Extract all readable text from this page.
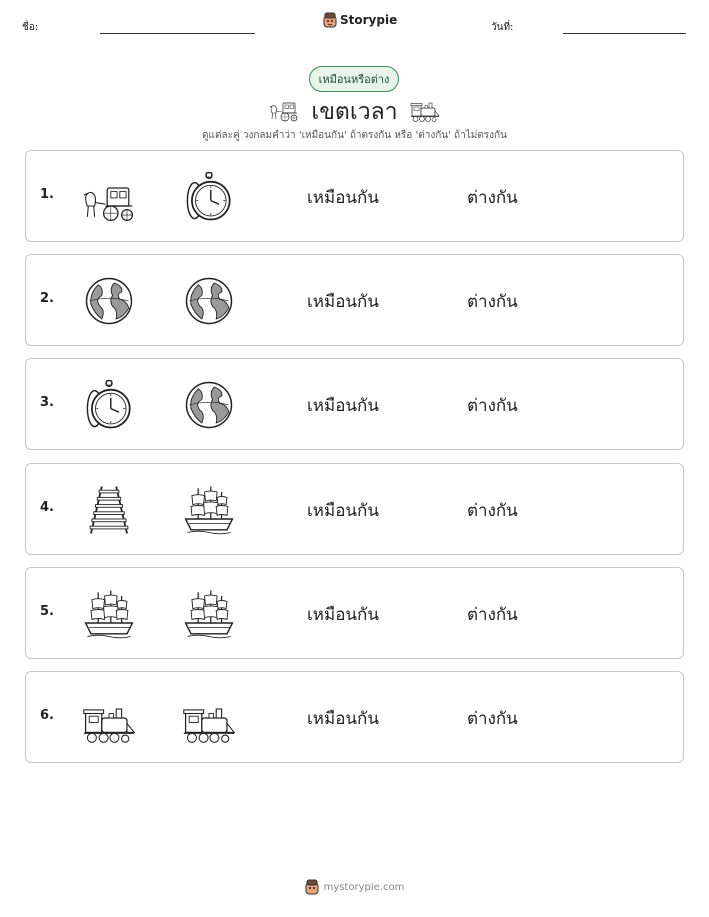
ชื่อ:
Storypie
วันที่:
เหมือนหรือต่าง
เขตเวลา
ดูแต่ละคู่ วงกลมคำว่า 'เหมือนกัน' ถ้าตรงกัน หรือ 'ต่างกัน' ถ้าไม่ตรงกัน
1.	เหมือนกัน	ต่างกัน
2.	เหมือนกัน	ต่างกัน
3.	เหมือนกัน	ต่างกัน
4.	เหมือนกัน	ต่างกัน
5.	เหมือนกัน	ต่างกัน
6.	เหมือนกัน	ต่างกัน
mystorypie.com
